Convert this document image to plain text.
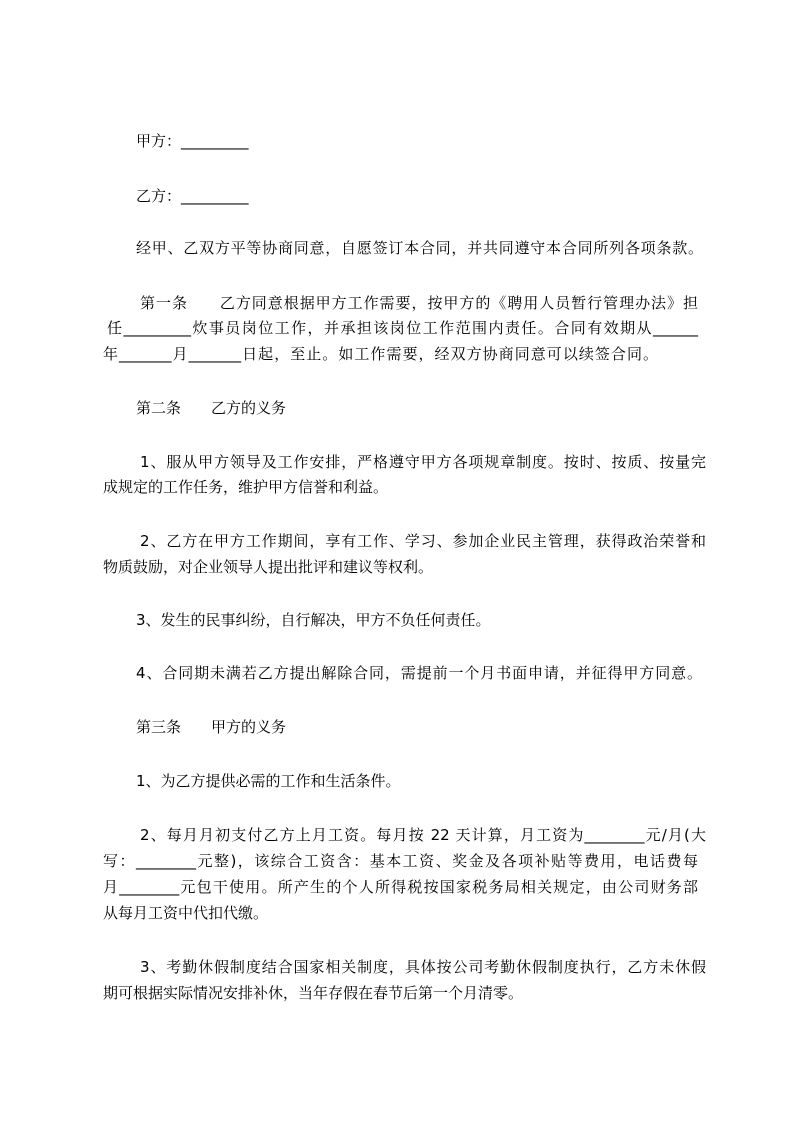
甲方：_________

乙方：_________

经甲、乙双方平等协商同意，自愿签订本合同，并共同遵守本合同所列各项条款。

第一条　　乙方同意根据甲方工作需要，按甲方的《聘用人员暂行管理办法》担

任_________炊事员岗位工作，并承担该岗位工作范围内责任。合同有效期从______

年_______月_______日起，至止。如工作需要，经双方协商同意可以续签合同。

第二条　　乙方的义务

1、服从甲方领导及工作安排，严格遵守甲方各项规章制度。按时、按质、按量完

成规定的工作任务，维护甲方信誉和利益。

2、乙方在甲方工作期间，享有工作、学习、参加企业民主管理，获得政治荣誉和

物质鼓励，对企业领导人提出批评和建议等权利。

3、发生的民事纠纷，自行解决，甲方不负任何责任。

4、合同期未满若乙方提出解除合同，需提前一个月书面申请，并征得甲方同意。

第三条　　甲方的义务

1、为乙方提供必需的工作和生活条件。

2、每月月初支付乙方上月工资。每月按 22 天计算，月工资为________元/月(大

写：________元整)，该综合工资含：基本工资、奖金及各项补贴等费用，电话费每

月________元包干使用。所产生的个人所得税按国家税务局相关规定，由公司财务部

从每月工资中代扣代缴。

3、考勤休假制度结合国家相关制度，具体按公司考勤休假制度执行，乙方未休假

期可根据实际情况安排补休，当年存假在春节后第一个月清零。
